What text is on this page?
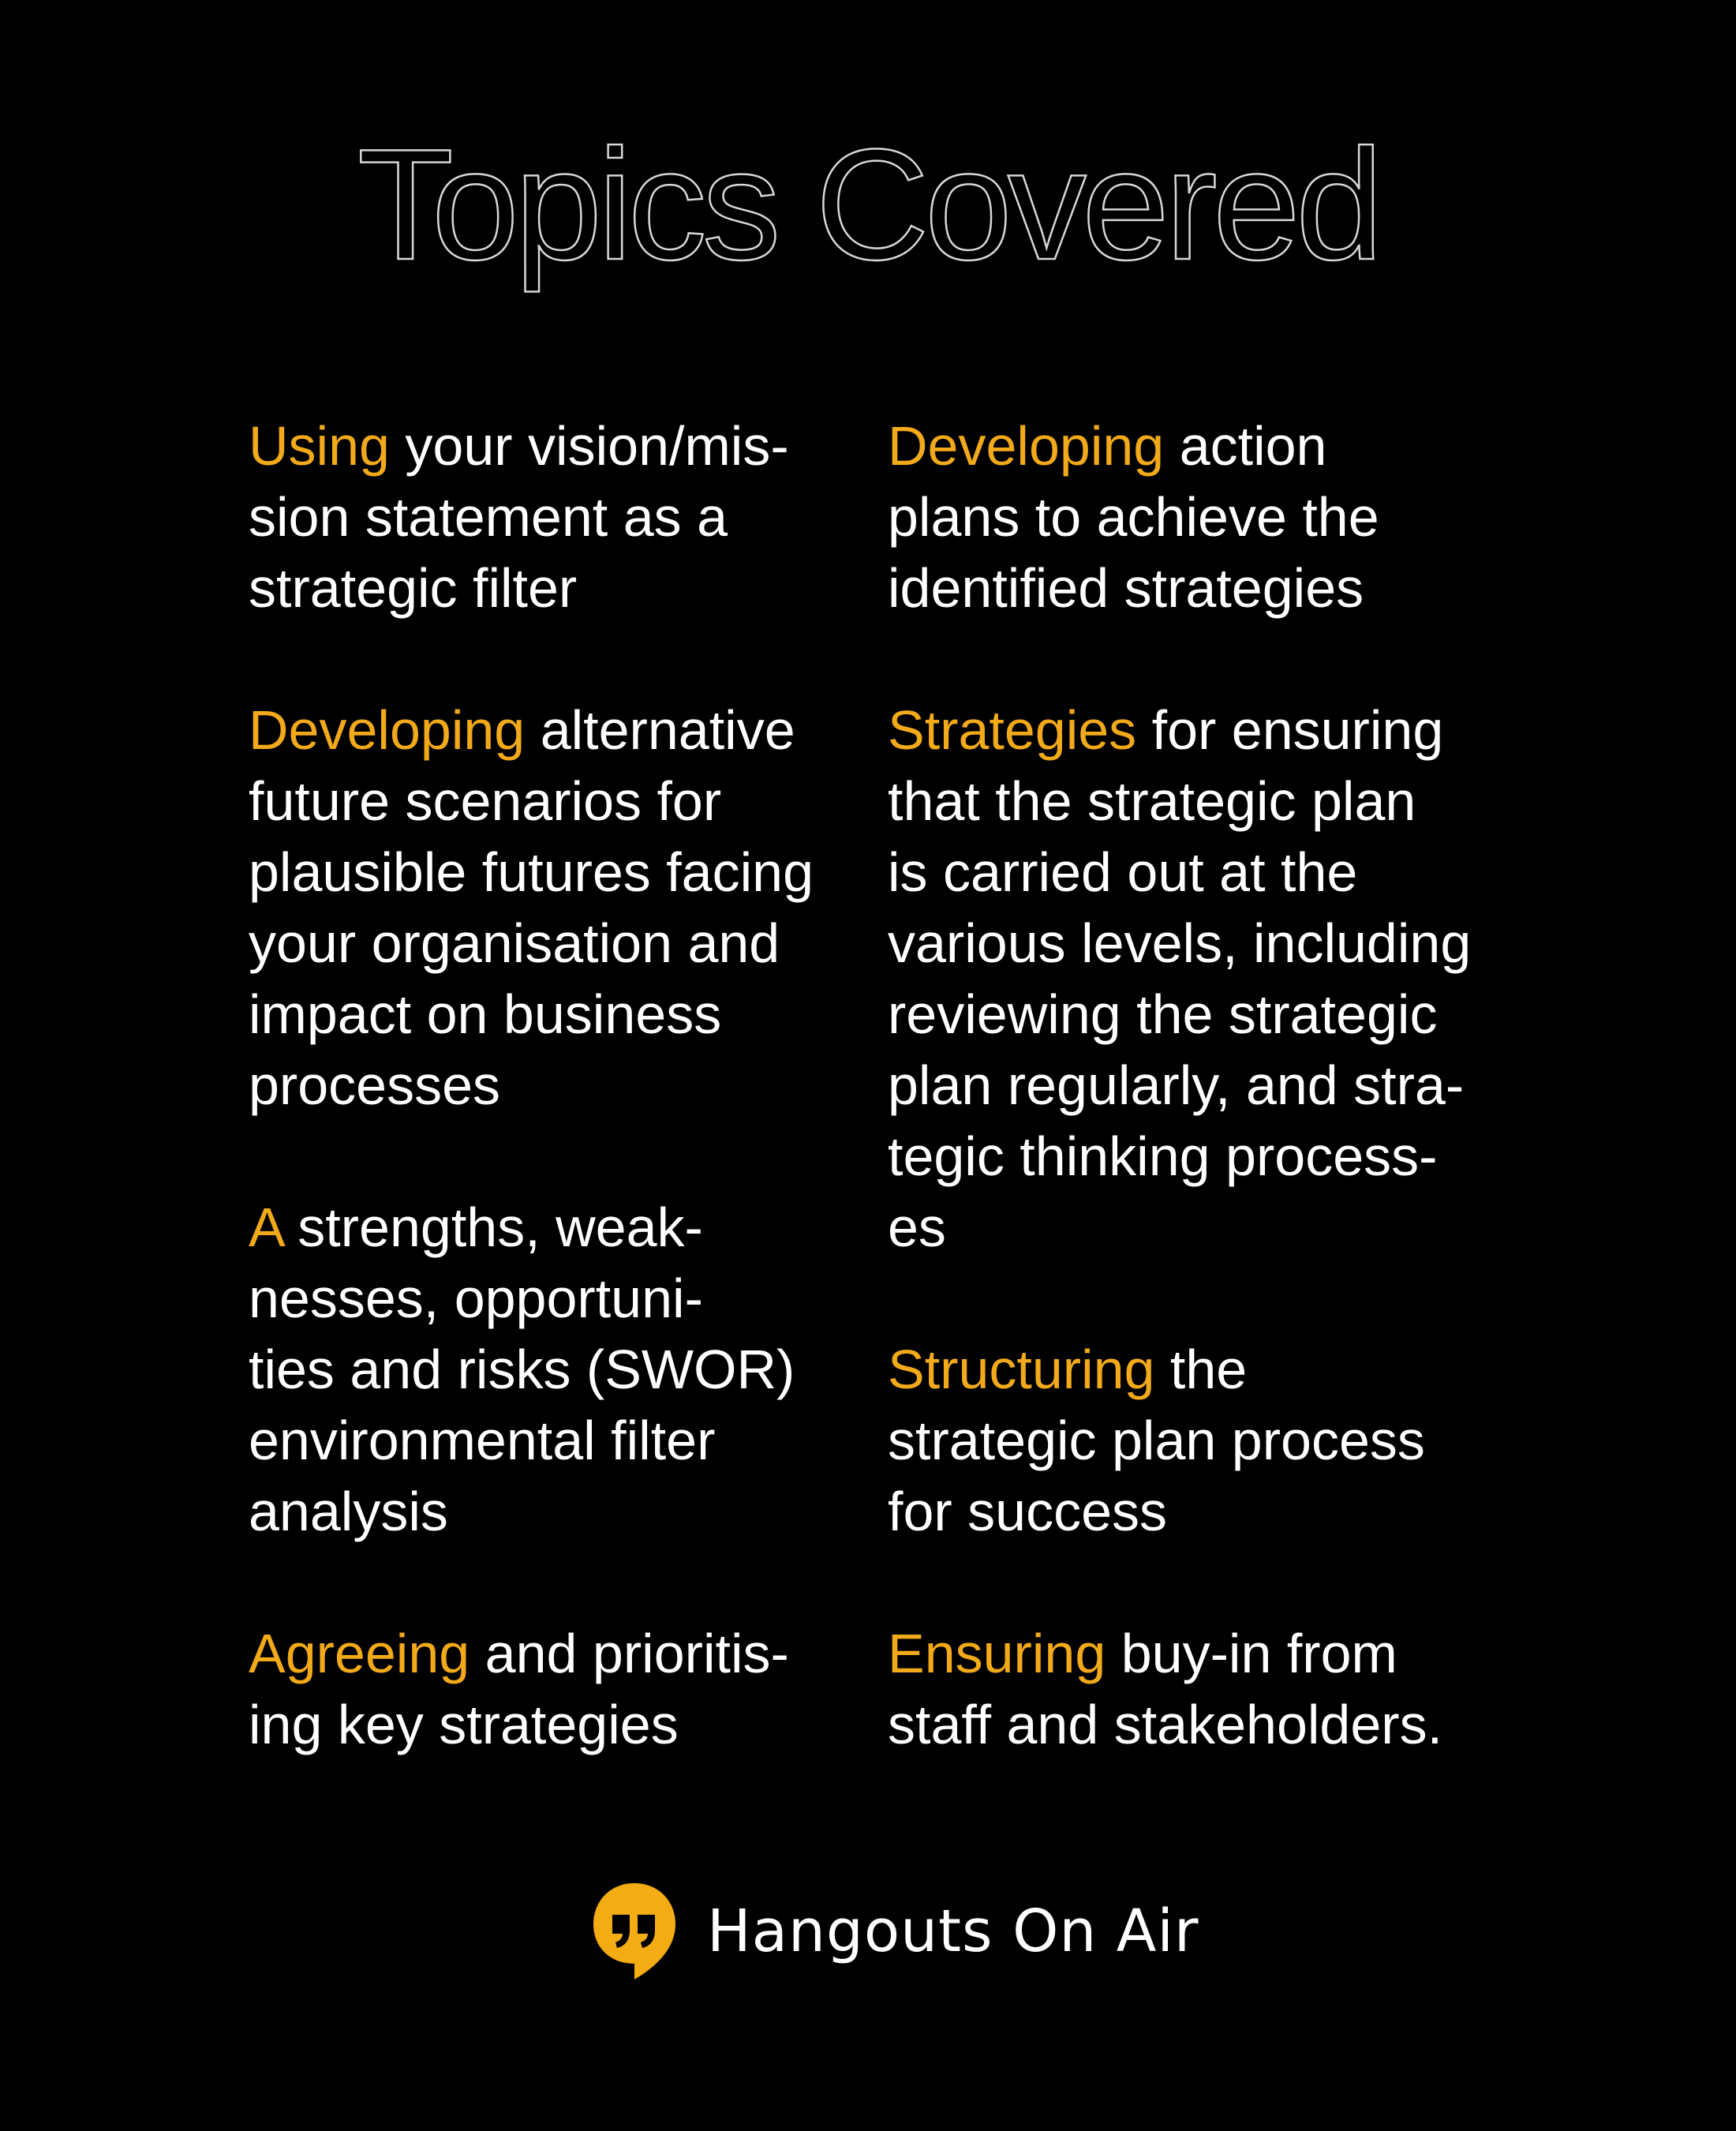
Topics Covered

Using your vision/mis-
sion statement as a
strategic filter

Developing alternative
future scenarios for
plausible futures facing
your organisation and
impact on business
processes

A strengths, weak-
nesses, opportuni-
ties and risks (SWOR)
environmental filter
analysis

Agreeing and prioritis-
ing key strategies

Developing action
plans to achieve the
identified strategies

Strategies for ensuring
that the strategic plan
is carried out at the
various levels, including
reviewing the strategic
plan regularly, and stra-
tegic thinking process-
es

Structuring the
strategic plan process
for success

Ensuring buy-in from
staff and stakeholders.

Hangouts On Air
